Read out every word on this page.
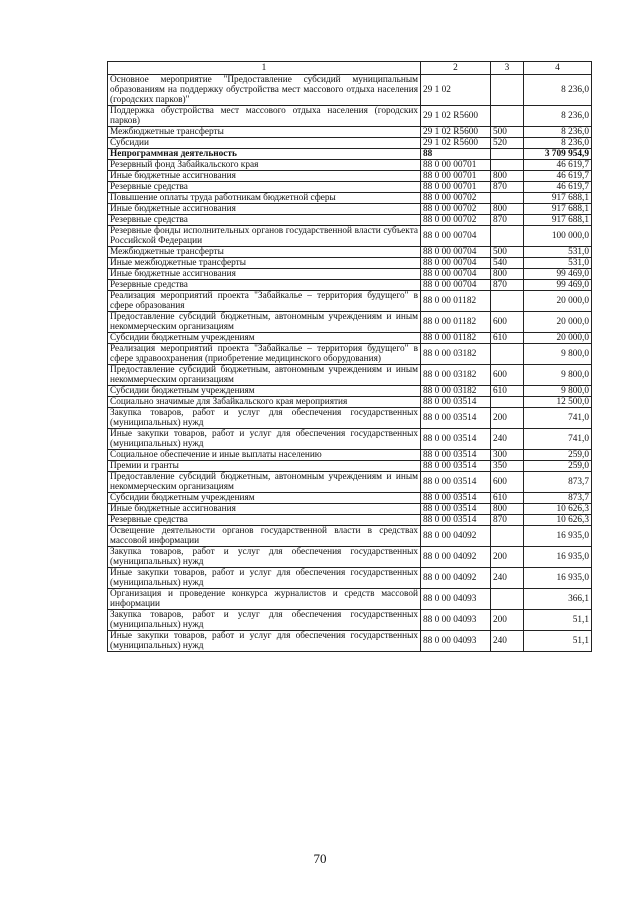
1	2	3	4
Основное мероприятие "Предоставление субсидий муниципальным образованиям на поддержку обустройства мест массового отдыха населения (городских парков)"	29 1 02		8 236,0
Поддержка обустройства мест массового отдыха населения (городских парков)	29 1 02 R5600		8 236,0
Межбюджетные трансферты	29 1 02 R5600	500	8 236,0
Субсидии	29 1 02 R5600	520	8 236,0
Непрограммная деятельность	88		3 709 954,9
Резервный фонд Забайкальского края	88 0 00 00701		46 619,7
Иные бюджетные ассигнования	88 0 00 00701	800	46 619,7
Резервные средства	88 0 00 00701	870	46 619,7
Повышение оплаты труда работникам бюджетной сферы	88 0 00 00702		917 688,1
Иные бюджетные ассигнования	88 0 00 00702	800	917 688,1
Резервные средства	88 0 00 00702	870	917 688,1
Резервные фонды исполнительных органов государственной власти субъекта Российской Федерации	88 0 00 00704		100 000,0
Межбюджетные трансферты	88 0 00 00704	500	531,0
Иные межбюджетные трансферты	88 0 00 00704	540	531,0
Иные бюджетные ассигнования	88 0 00 00704	800	99 469,0
Резервные средства	88 0 00 00704	870	99 469,0
Реализация мероприятий проекта "Забайкалье – территория будущего" в сфере образования	88 0 00 01182		20 000,0
Предоставление субсидий бюджетным, автономным учреждениям и иным некоммерческим организациям	88 0 00 01182	600	20 000,0
Субсидии бюджетным учреждениям	88 0 00 01182	610	20 000,0
Реализация мероприятий проекта "Забайкалье – территория будущего" в сфере здравоохранения (приобретение медицинского оборудования)	88 0 00 03182		9 800,0
Предоставление субсидий бюджетным, автономным учреждениям и иным некоммерческим организациям	88 0 00 03182	600	9 800,0
Субсидии бюджетным учреждениям	88 0 00 03182	610	9 800,0
Социально значимые для Забайкальского края мероприятия	88 0 00 03514		12 500,0
Закупка товаров, работ и услуг для обеспечения государственных (муниципальных) нужд	88 0 00 03514	200	741,0
Иные закупки товаров, работ и услуг для обеспечения государственных (муниципальных) нужд	88 0 00 03514	240	741,0
Социальное обеспечение и иные выплаты населению	88 0 00 03514	300	259,0
Премии и гранты	88 0 00 03514	350	259,0
Предоставление субсидий бюджетным, автономным учреждениям и иным некоммерческим организациям	88 0 00 03514	600	873,7
Субсидии бюджетным учреждениям	88 0 00 03514	610	873,7
Иные бюджетные ассигнования	88 0 00 03514	800	10 626,3
Резервные средства	88 0 00 03514	870	10 626,3
Освещение деятельности органов государственной власти в средствах массовой информации	88 0 00 04092		16 935,0
Закупка товаров, работ и услуг для обеспечения государственных (муниципальных) нужд	88 0 00 04092	200	16 935,0
Иные закупки товаров, работ и услуг для обеспечения государственных (муниципальных) нужд	88 0 00 04092	240	16 935,0
Организация и проведение конкурса журналистов и средств массовой информации	88 0 00 04093		366,1
Закупка товаров, работ и услуг для обеспечения государственных (муниципальных) нужд	88 0 00 04093	200	51,1
Иные закупки товаров, работ и услуг для обеспечения государственных (муниципальных) нужд	88 0 00 04093	240	51,1
70
